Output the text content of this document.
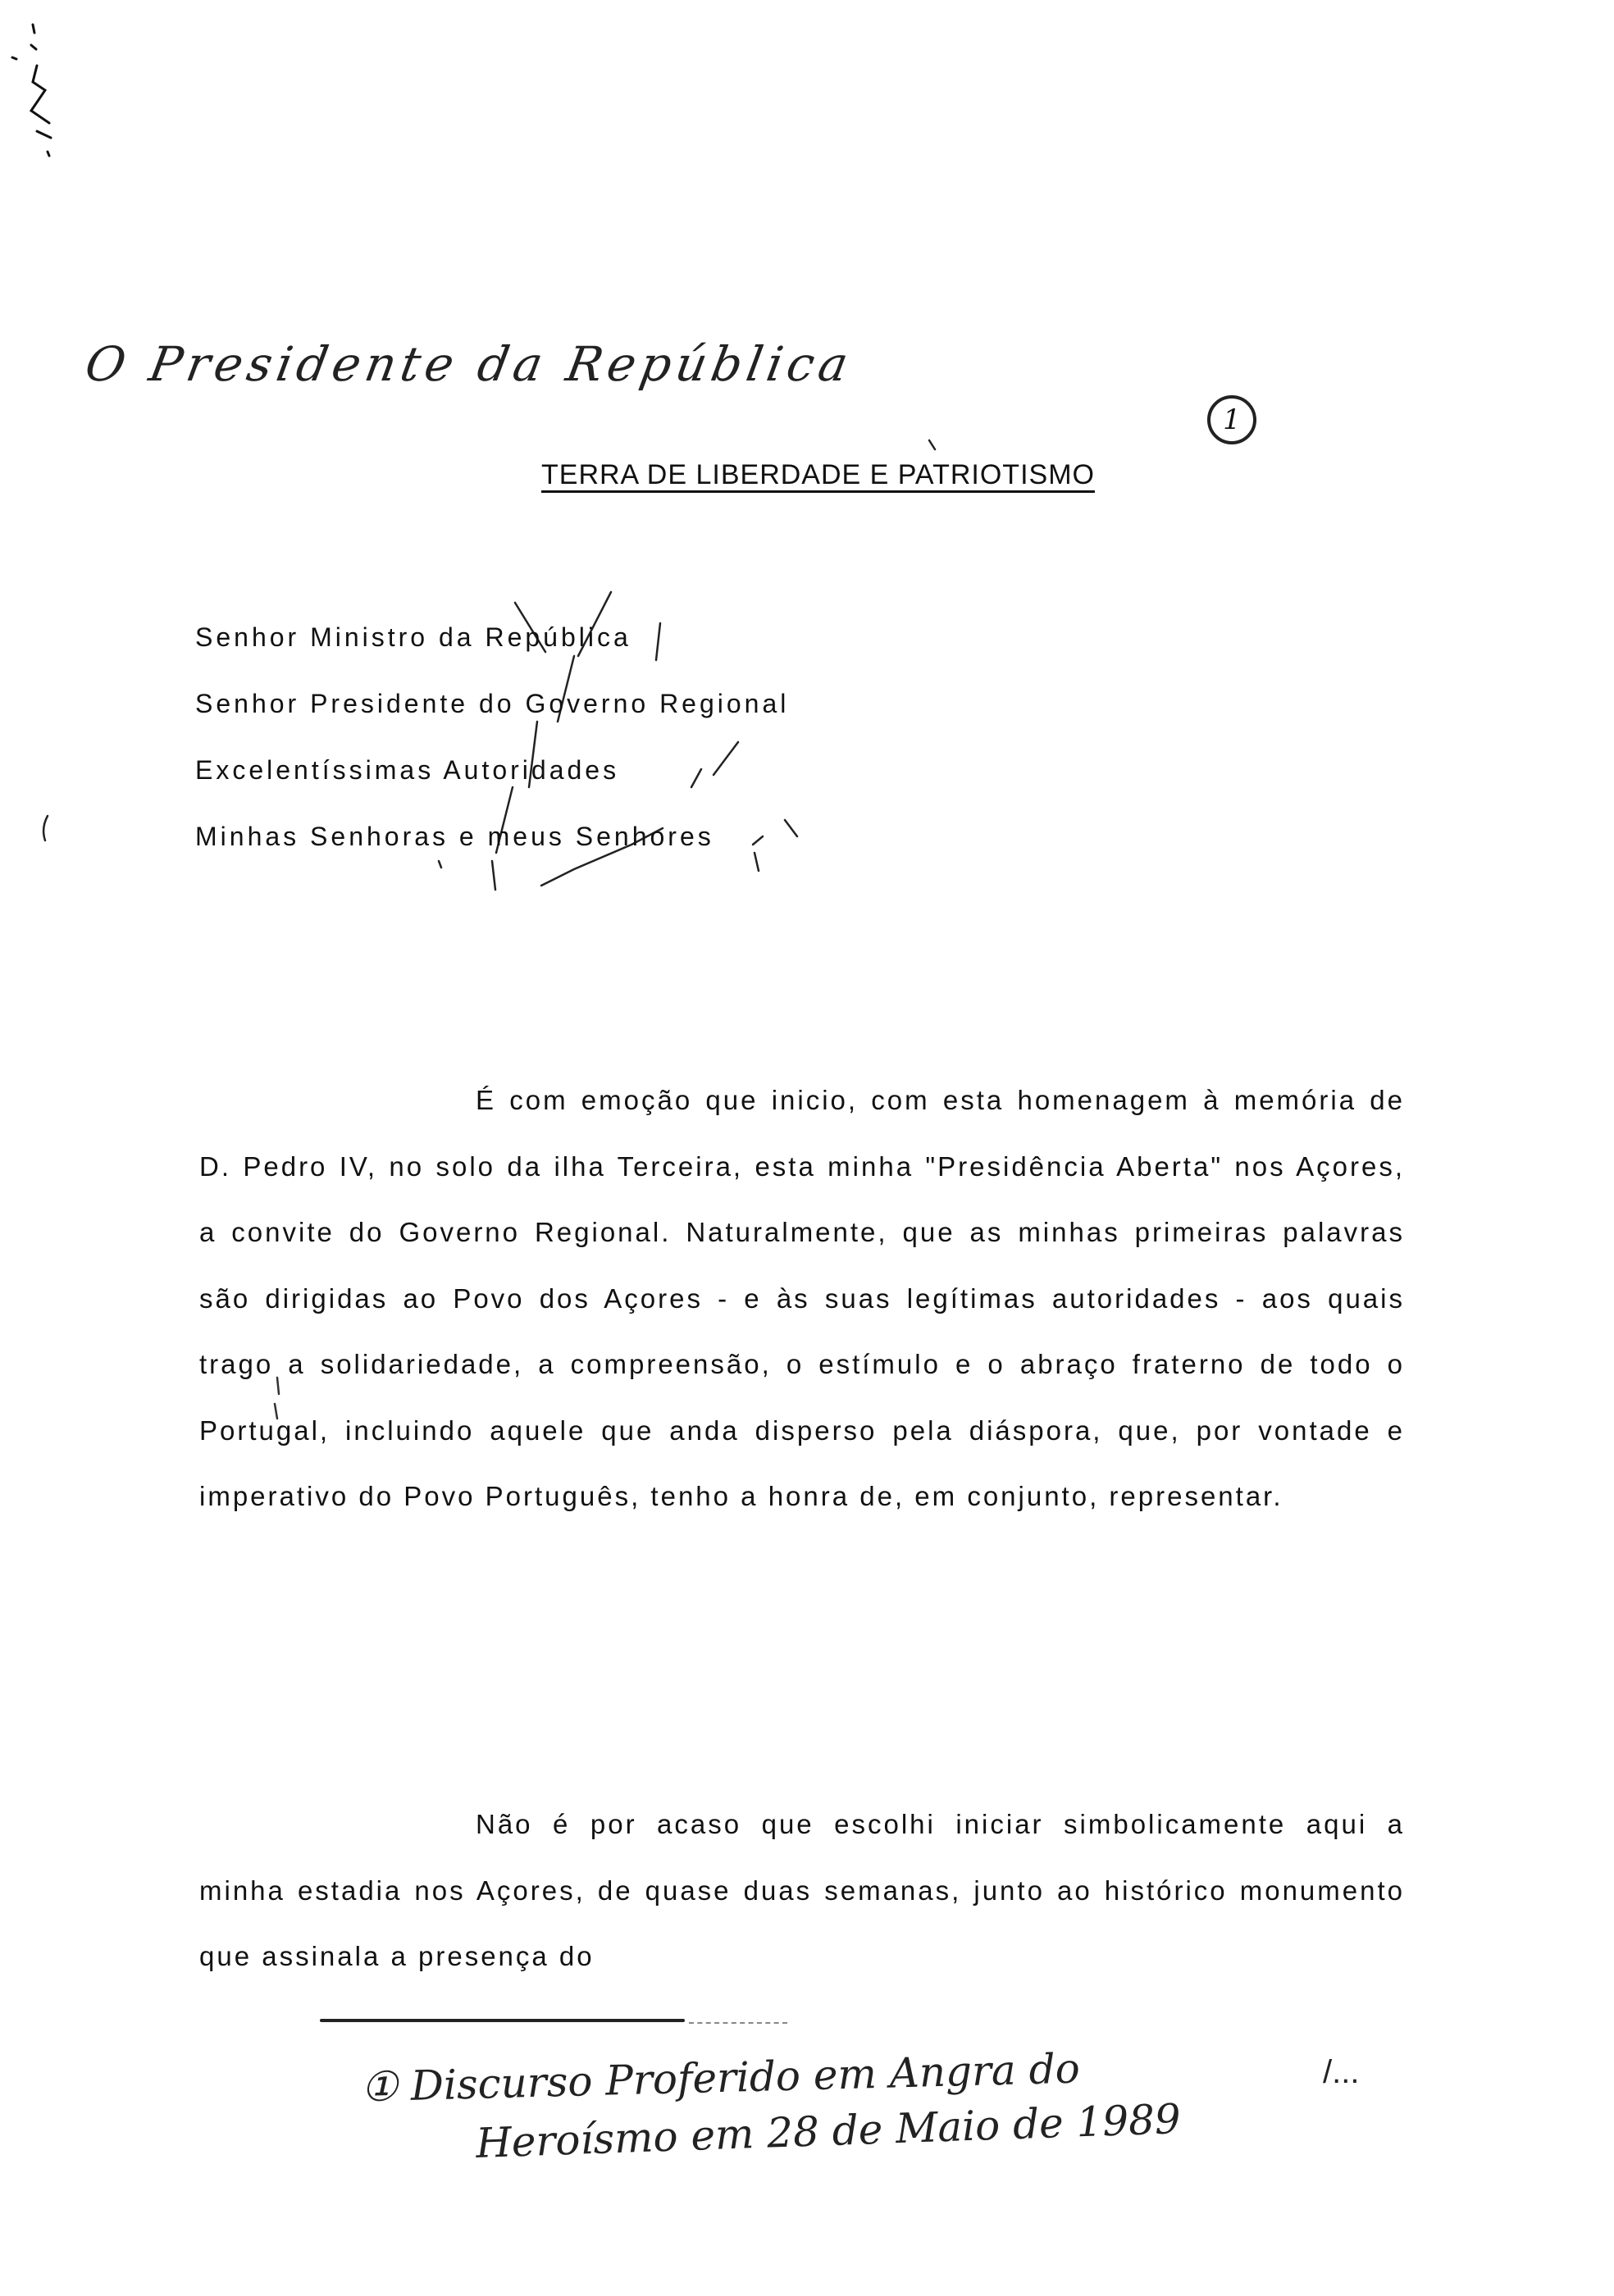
O Presidente da República
1
TERRA DE LIBERDADE E PATRIOTISMO
Senhor Ministro da República
Senhor Presidente do Governo Regional
Excelentíssimas Autoridades
Minhas Senhoras e meus Senhores

É com emoção que inicio, com esta homenagem à memória de D. Pedro IV, no solo da ilha Terceira, esta minha "Presidência Aberta" nos Açores, a convite do Governo Regional. Naturalmente, que as minhas primeiras palavras são dirigidas ao Povo dos Açores - e às suas legítimas autoridades - aos quais trago a solidariedade, a compreensão, o estímulo e o abraço fraterno de todo o Portugal, incluindo aquele que anda disperso pela diáspora, que, por vontade e imperativo do Povo Português, tenho a honra de, em conjunto, representar.

Não é por acaso que escolhi iniciar simbolicamente aqui a minha estadia nos Açores, de quase duas semanas, junto ao histórico monumento que assinala a presença do

① Discurso Proferido em Angra do	/...
Heroísmo em 28 de Maio de 1989
